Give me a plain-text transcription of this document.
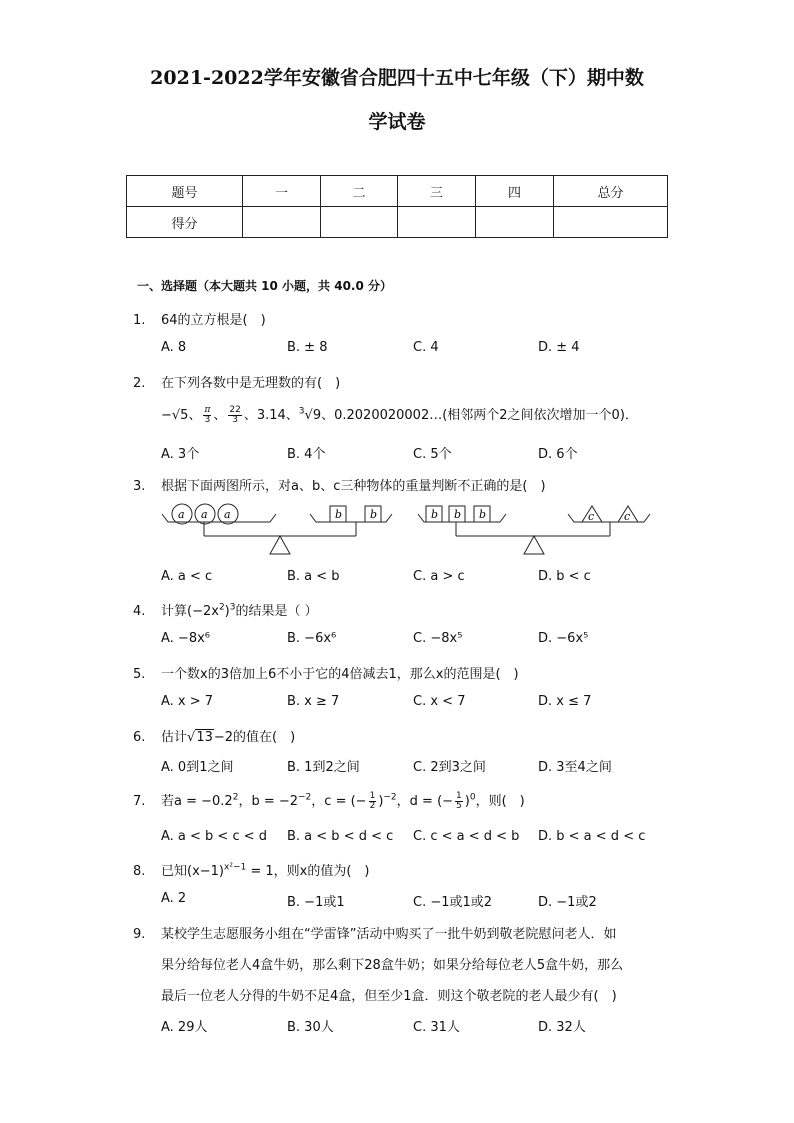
2021-2022学年安徽省合肥四十五中七年级（下）期中数
学试卷
题号	一	二	三	四	总分
得分					
一、选择题（本大题共 10 小题，共 40.0 分）
1. 64的立方根是(　)
A. 8	B. ± 8	C. 4	D. ± 4
2. 在下列各数中是无理数的有(　)
−√5、 $\frac{\pi}{3}$ 、 $\frac{22}{3}$ 、3.14、$^3$√9、0.2020020002…(相邻两个2之间依次增加一个0)．
A. 3个	B. 4个	C. 5个	D. 6个
3. 根据下面两图所示，对a、b、c三种物体的重量判断不正确的是(　)
a a a	b	b	b b b	c	c
A. a < c	B. a < b	C. a > c	D. b < c
4. 计算$(-2x^2)^3$的结果是（ ）
A. −8x⁶	B. −6x⁶	C. −8x⁵	D. −6x⁵
5. 一个数x的3倍加上6不小于它的4倍减去1，那么x的范围是(　)
A. x > 7	B. x ≥ 7	C. x < 7	D. x ≤ 7
6. 估计√13−2的值在(　)
A. 0到1之间	B. 1到2之间	C. 2到3之间	D. 3至4之间
7. 若$a = -0.2^2$，$b = -2^{-2}$，c = (− $\frac{1}{2} )^{-2}$，d = (− $\frac{1}{5} )^0$，则(　)
A. a < b < c < d B. a < b < d < c C. c < a < d < b D. b < a < d < c
8. 已知$(x-1)^{x^2-1} = 1$，则x的值为(　)
A. 2	B. −1或1	C. −1或1或2	D. −1或2
9. 某校学生志愿服务小组在“学雷锋”活动中购买了一批牛奶到敬老院慰问老人．如
果分给每位老人4盒牛奶，那么剩下28盒牛奶；如果分给每位老人5盒牛奶，那么
最后一位老人分得的牛奶不足4盒，但至少1盒．则这个敬老院的老人最少有(　)
A. 29人	B. 30人	C. 31人	D. 32人
